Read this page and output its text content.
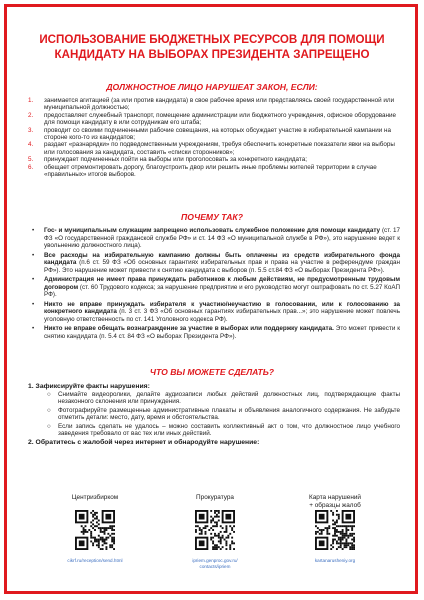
ИСПОЛЬЗОВАНИЕ БЮДЖЕТНЫХ РЕСУРСОВ ДЛЯ ПОМОЩИ
КАНДИДАТУ НА ВЫБОРАХ ПРЕЗИДЕНТА ЗАПРЕЩЕНО
ДОЛЖНОСТНОЕ ЛИЦО НАРУШЕАТ ЗАКОН, ЕСЛИ:
1. занимается агитацией (за или против кандидата) в свое рабочее время или представляясь своей государственной или муниципальной должностью;
2. предоставляет служебный транспорт, помещение администрации или бюджетного учреждения, офисное оборудование для помощи кандидату в или сотрудникам его штаба;
3. проводит со своими подчиненными рабочие совещания, на которых обсуждает участие в избирательной кампании на стороне кого-то из кандидатов;
4. раздает «разнарядки» по подведомственным учреждениям, требуя обеспечить конкретные показатели явки на выборы или голосования за кандидата, составить «списки сторонников»;
5. принуждает подчиненных пойти на выборы или проголосовать за конкретного кандидата;
6. обещает отремонтировать дорогу, благоустроить двор или решить иные проблемы жителей территории в случае «правильных» итогов выборов.
ПОЧЕМУ ТАК?
• Гос- и муниципальным служащим запрещено использовать служебное положение для помощи кандидату (ст. 17 ФЗ «О государственной гражданской службе РФ» и ст. 14 ФЗ «О муниципальной службе в РФ»), это нарушение ведет к увольнению должностного лица).
• Все расходы на избирательную кампанию должны быть оплачены из средств избирательного фонда кандидата (п.6 ст. 59 ФЗ «Об основных гарантиях избирательных прав и права на участие в референдуме граждан РФ»). Это нарушение может привести к снятию кандидата с выборов (п. 5.5 ст.84 ФЗ «О выборах Президента РФ»).
• Администрация не имеет права принуждать работников к любым действиям, не предусмотренным трудовым договором (ст. 60 Трудового кодекса; за нарушение предприятие и его руководство могут оштрафовать по ст. 5.27 КоАП РФ).
• Никто не вправе принуждать избирателя к участию/неучастию в голосовании, или к голосованию за конкретного кандидата (п. 3 ст. 3 ФЗ «Об основных гарантиях избирательных прав...»; это нарушение может повлечь уголовную ответственность по ст. 141 Уголовного кодекса РФ).
• Никто не вправе обещать вознаграждение за участие в выборах или поддержку кандидата. Это может привести к снятию кандидата (п. 5.4 ст. 84 ФЗ «О выборах Президента РФ»).
ЧТО ВЫ МОЖЕТЕ СДЕЛАТЬ?
1. Зафиксируйте факты нарушения:
○ Снимайте видеоролики, делайте аудиозаписи любых действий должностных лиц, подтверждающие факты незаконного склонения или принуждения.
○ Фотографируйте размещенные административные плакаты и объявления аналогичного содержания. Не забудьте отметить детали: место, дату, время и обстоятельства.
○ Если запись сделать не удалось – можно составить коллективный акт о том, что должностное лицо учебного заведения требовало от вас тех или иных действий.
2. Обратитесь с жалобой через интернет и обнародуйте нарушение:
Центризбирком
cikrf.ru/reception/send.html
Прокуратура
ipriem.genproc.gov.ru/
contacts/ipriem
Карта нарушений
+ образцы жалоб
kartanarusheniy.org
